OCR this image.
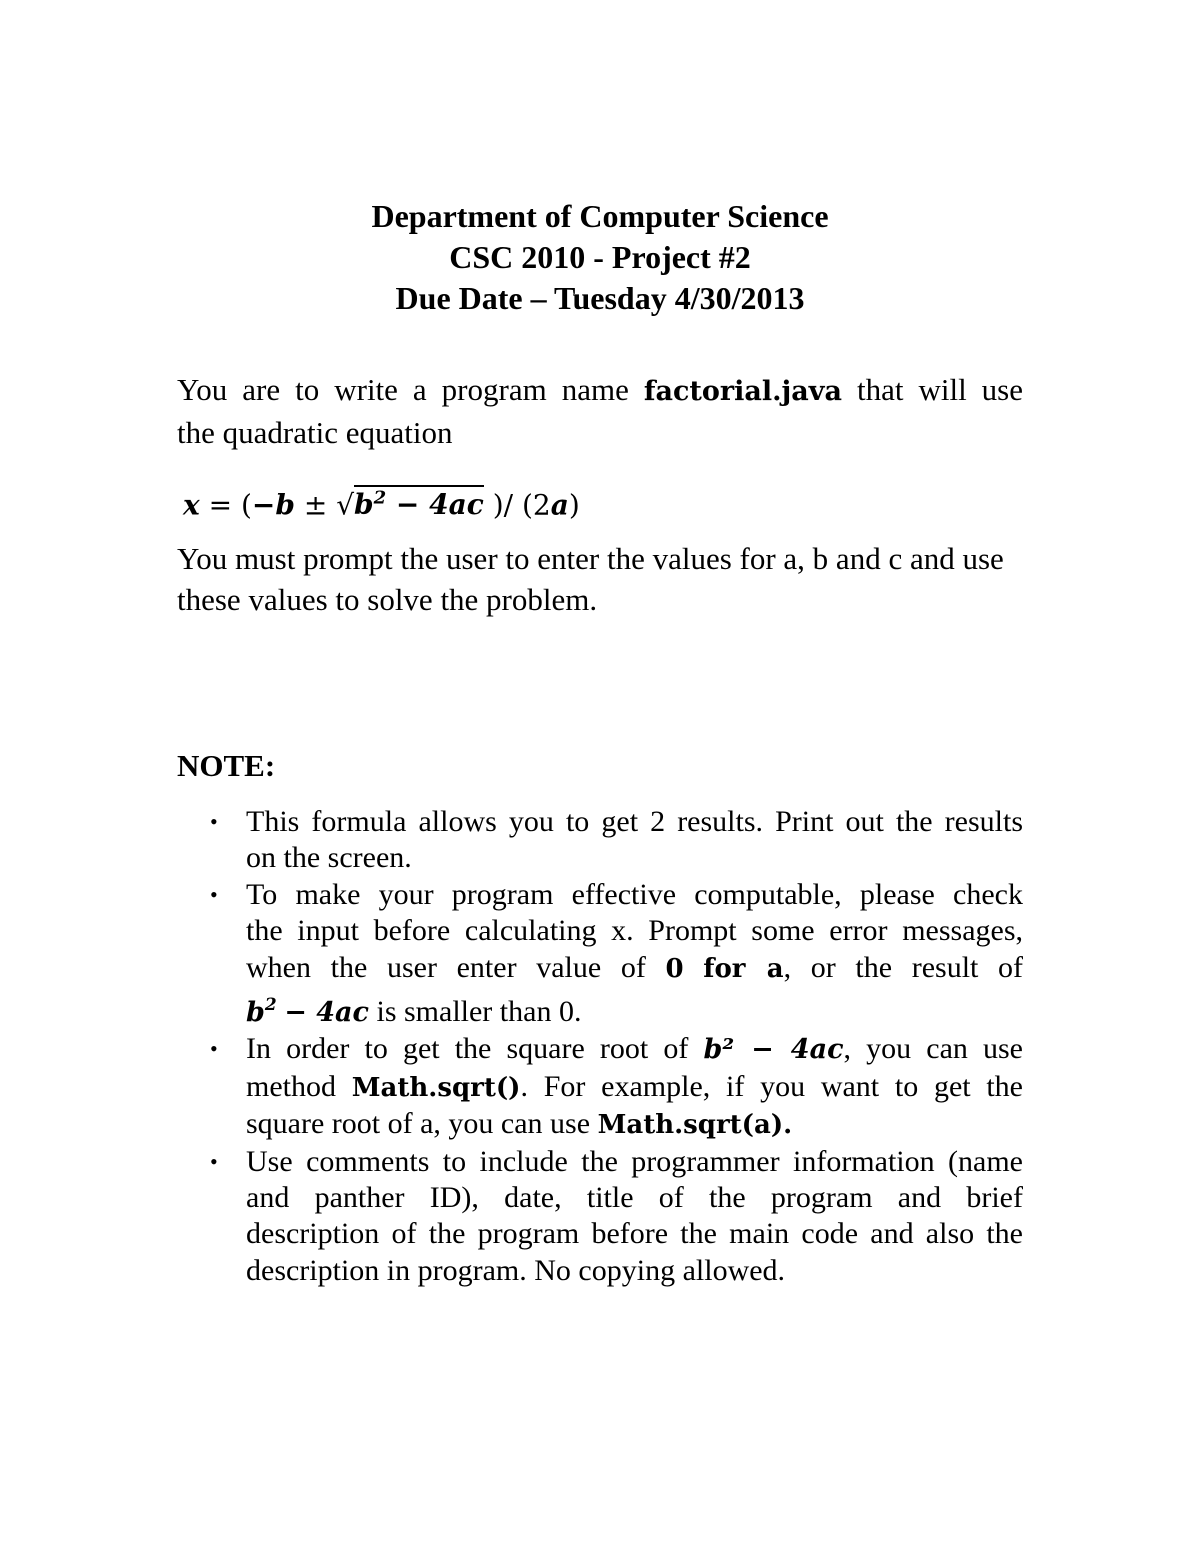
Department of Computer Science
CSC 2010 - Project #2
Due Date – Tuesday 4/30/2013
You are to write a program name factorial.java that will use
the quadratic equation
$x = (-b \pm √b^2 - 4ac$ )/ (2a)
You must prompt the user to enter the values for a, b and c and use
these values to solve the problem.
NOTE:
• This formula allows you to get 2 results. Print out the results
on the screen.
• To make your program effective computable, please check
the input before calculating x. Prompt some error messages,
when the user enter value of 0 for a, or the result of
$b^2 - 4ac$ is smaller than 0.
• In order to get the square root of b² − 4ac, you can use
method Math.sqrt(). For example, if you want to get the
square root of a, you can use Math.sqrt(a).
• Use comments to include the programmer information (name
and panther ID), date, title of the program and brief
description of the program before the main code and also the
description in program. No copying allowed.
